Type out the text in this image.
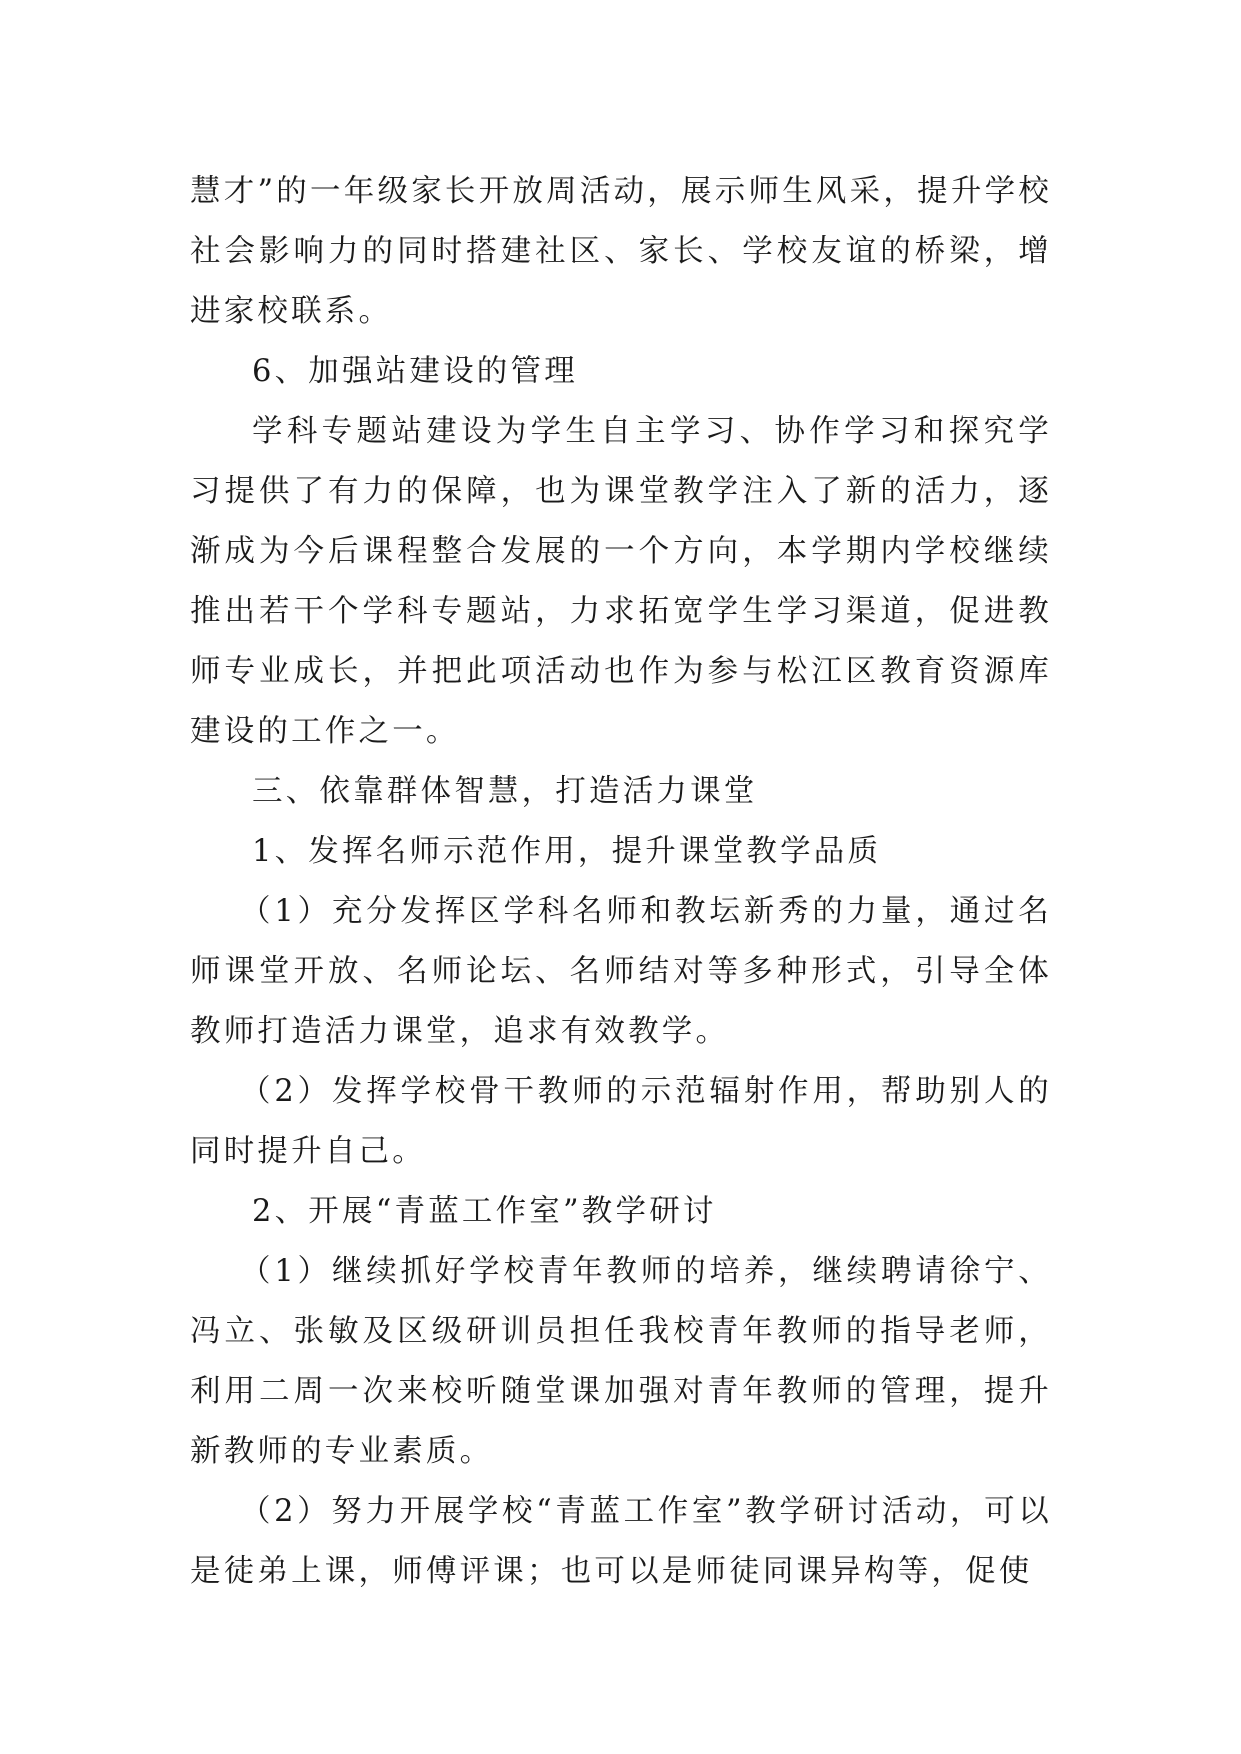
慧才”的一年级家长开放周活动，展示师生风采，提升学校社会影响力的同时搭建社区、家长、学校友谊的桥梁，增进家校联系。

6、加强站建设的管理

学科专题站建设为学生自主学习、协作学习和探究学习提供了有力的保障，也为课堂教学注入了新的活力，逐渐成为今后课程整合发展的一个方向，本学期内学校继续推出若干个学科专题站，力求拓宽学生学习渠道，促进教师专业成长，并把此项活动也作为参与松江区教育资源库建设的工作之一。

三、依靠群体智慧，打造活力课堂

1、发挥名师示范作用，提升课堂教学品质

（1）充分发挥区学科名师和教坛新秀的力量，通过名师课堂开放、名师论坛、名师结对等多种形式，引导全体教师打造活力课堂，追求有效教学。

（2）发挥学校骨干教师的示范辐射作用，帮助别人的同时提升自己。

2、开展“青蓝工作室”教学研讨

（1）继续抓好学校青年教师的培养，继续聘请徐宁、冯立、张敏及区级研训员担任我校青年教师的指导老师，利用二周一次来校听随堂课加强对青年教师的管理，提升新教师的专业素质。

（2）努力开展学校“青蓝工作室”教学研讨活动，可以是徒弟上课，师傅评课；也可以是师徒同课异构等，促使
